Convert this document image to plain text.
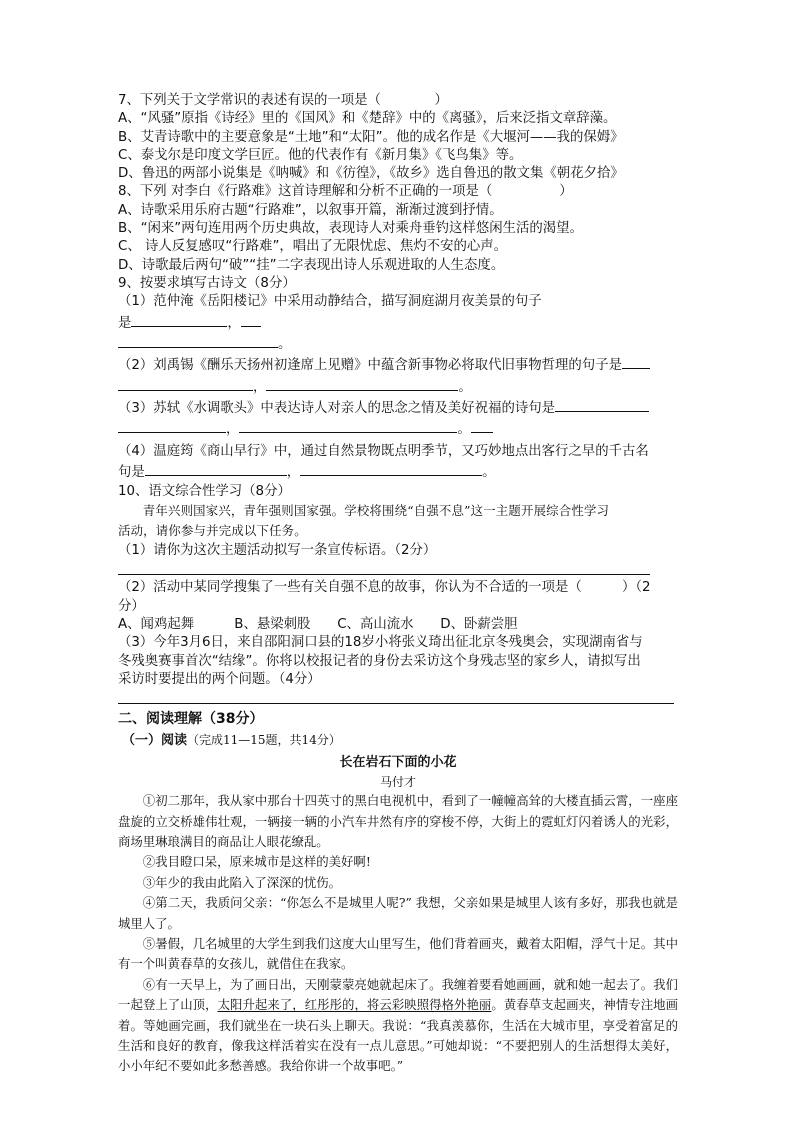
7、下列关于文学常识的表述有误的一项是（　　　　）
A、“风骚”原指《诗经》里的《国风》和《楚辞》中的《离骚》，后来泛指文章辞藻。
B、艾青诗歌中的主要意象是“土地”和“太阳”。他的成名作是《大堰河——我的保姆》
C、泰戈尔是印度文学巨匠。他的代表作有《新月集》《飞鸟集》等。
D、鲁迅的两部小说集是《呐喊》和《彷徨》，《故乡》选自鲁迅的散文集《朝花夕拾》
8、下列 对李白《行路难》这首诗理解和分析不正确的一项是（　　　　　）
A、诗歌采用乐府古题“行路难”，以叙事开篇，渐渐过渡到抒情。
B、“闲来”两句连用两个历史典故，表现诗人对乘舟垂钓这样悠闲生活的渴望。
C、 诗人反复感叹“行路难”，唱出了无限忧虑、焦灼不安的心声。
D、诗歌最后两句“破”“挂”二字表现出诗人乐观进取的人生态度。
9、按要求填写古诗文（8分）
（1）范仲淹《岳阳楼记》中采用动静结合，描写洞庭湖月夜美景的句子
是	，
。
（2）刘禹锡《酬乐天扬州初逢席上见赠》中蕴含新事物必将取代旧事物哲理的句子是
，	。
（3）苏轼《水调歌头》中表达诗人对亲人的思念之情及美好祝福的诗句是
，	。
（4）温庭筠《商山早行》中，通过自然景物既点明季节，又巧妙地点出客行之早的千古名
句是	，	。
10、语文综合性学习（8分）
青年兴则国家兴，青年强则国家强。学校将围绕“自强不息”这一主题开展综合性学习
活动，请你参与并完成以下任务。
（1）请你为这次主题活动拟写一条宣传标语。（2分）
（2）活动中某同学搜集了一些有关自强不息的故事，你认为不合适的一项是（　　　）（2
分）
A、闻鸡起舞　　　B、悬梁刺股　　C、高山流水　　D、卧薪尝胆
（3）今年3月6日，来自邵阳洞口县的18岁小将张义琦出征北京冬残奥会，实现湖南省与
冬残奥赛事首次“结缘”。你将以校报记者的身份去采访这个身残志坚的家乡人，请拟写出
采访时要提出的两个问题。（4分）
二、阅读理解（38分）
（一）阅读（完成11—15题，共14分）
长在岩石下面的小花
马付才
①初二那年，我从家中那台十四英寸的黑白电视机中，看到了一幢幢高耸的大楼直插云霄，一座座盘旋的立交桥雄伟壮观，一辆接一辆的小汽车井然有序的穿梭不停，大街上的霓虹灯闪着诱人的光彩，商场里琳琅满目的商品让人眼花缭乱。
②我目瞪口呆，原来城市是这样的美好啊!
③年少的我由此陷入了深深的忧伤。
④第二天，我质问父亲：“你怎么不是城里人呢?” 我想，父亲如果是城里人该有多好，那我也就是城里人了。
⑤暑假，几名城里的大学生到我们这度大山里写生，他们背着画夹，戴着太阳帽，浮气十足。其中有一个叫黄春草的女孩儿，就借住在我家。
⑥有一天早上，为了画日出，天刚蒙蒙亮她就起床了。我缠着要看她画画，就和她一起去了。我们一起登上了山顶，太阳升起来了，红彤彤的，将云彩映照得格外艳丽。黄春草支起画夹，神情专注地画着。等她画完画，我们就坐在一块石头上聊天。我说：“我真羡慕你，生活在大城市里，享受着富足的生活和良好的教育，像我这样活着实在没有一点儿意思。”可她却说：“不要把别人的生活想得太美好，小小年纪不要如此多愁善感。我给你讲一个故事吧。”
